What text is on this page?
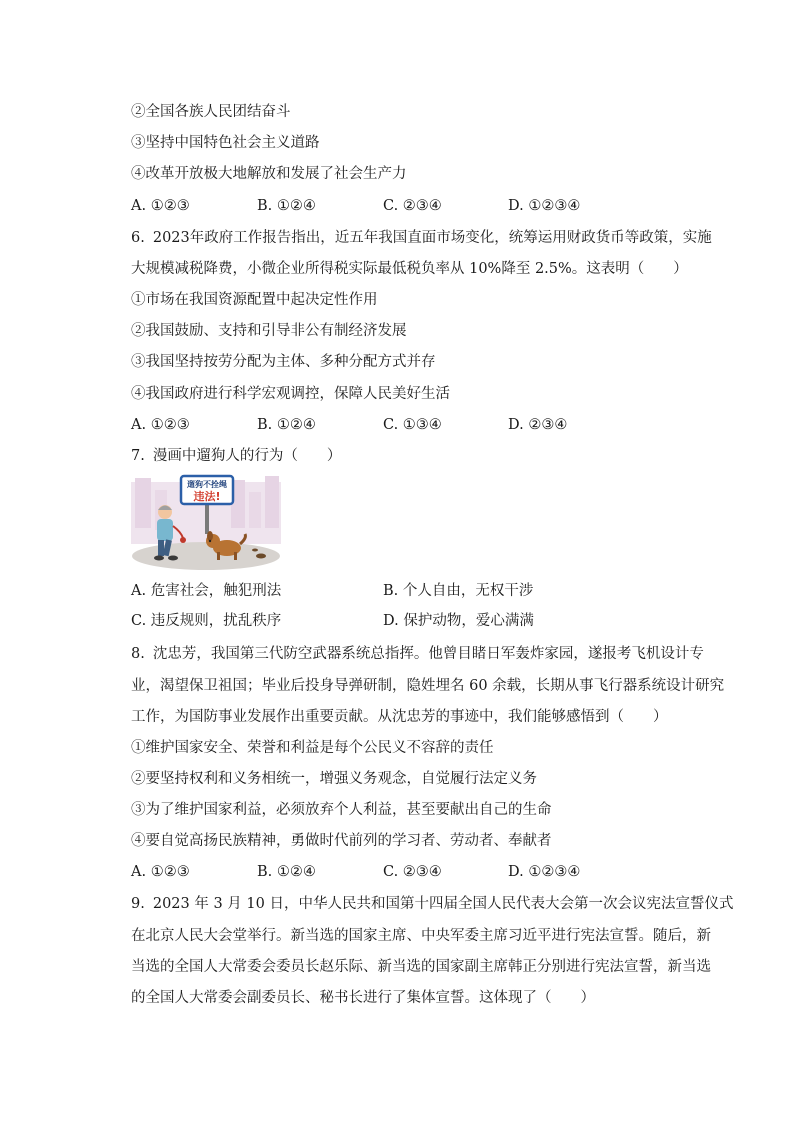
②全国各族人民团结奋斗
③坚持中国特色社会主义道路
④改革开放极大地解放和发展了社会生产力
A. ①②③	B. ①②④	C. ②③④	D. ①②③④
6. 2023年政府工作报告指出，近五年我国直面市场变化，统筹运用财政货币等政策，实施
大规模减税降费，小微企业所得税实际最低税负率从 10%降至 2.5%。这表明（　　）
①市场在我国资源配置中起决定性作用
②我国鼓励、支持和引导非公有制经济发展
③我国坚持按劳分配为主体、多种分配方式并存
④我国政府进行科学宏观调控，保障人民美好生活
A. ①②③	B. ①②④	C. ①③④	D. ②③④
7. 漫画中遛狗人的行为（　　）
遛狗不拴绳
违法!
A. 危害社会，触犯刑法	B. 个人自由，无权干涉
C. 违反规则，扰乱秩序	D. 保护动物，爱心满满
8. 沈忠芳，我国第三代防空武器系统总指挥。他曾目睹日军轰炸家园，遂报考飞机设计专
业，渴望保卫祖国；毕业后投身导弹研制，隐姓埋名 60 余载，长期从事飞行器系统设计研究
工作，为国防事业发展作出重要贡献。从沈忠芳的事迹中，我们能够感悟到（　　）
①维护国家安全、荣誉和利益是每个公民义不容辞的责任
②要坚持权利和义务相统一，增强义务观念，自觉履行法定义务
③为了维护国家利益，必须放弃个人利益，甚至要献出自己的生命
④要自觉高扬民族精神，勇做时代前列的学习者、劳动者、奉献者
A. ①②③	B. ①②④	C. ②③④	D. ①②③④
9. 2023 年 3 月 10 日，中华人民共和国第十四届全国人民代表大会第一次会议宪法宣誓仪式
在北京人民大会堂举行。新当选的国家主席、中央军委主席习近平进行宪法宣誓。随后，新
当选的全国人大常委会委员长赵乐际、新当选的国家副主席韩正分别进行宪法宣誓，新当选
的全国人大常委会副委员长、秘书长进行了集体宣誓。这体现了（　　）
